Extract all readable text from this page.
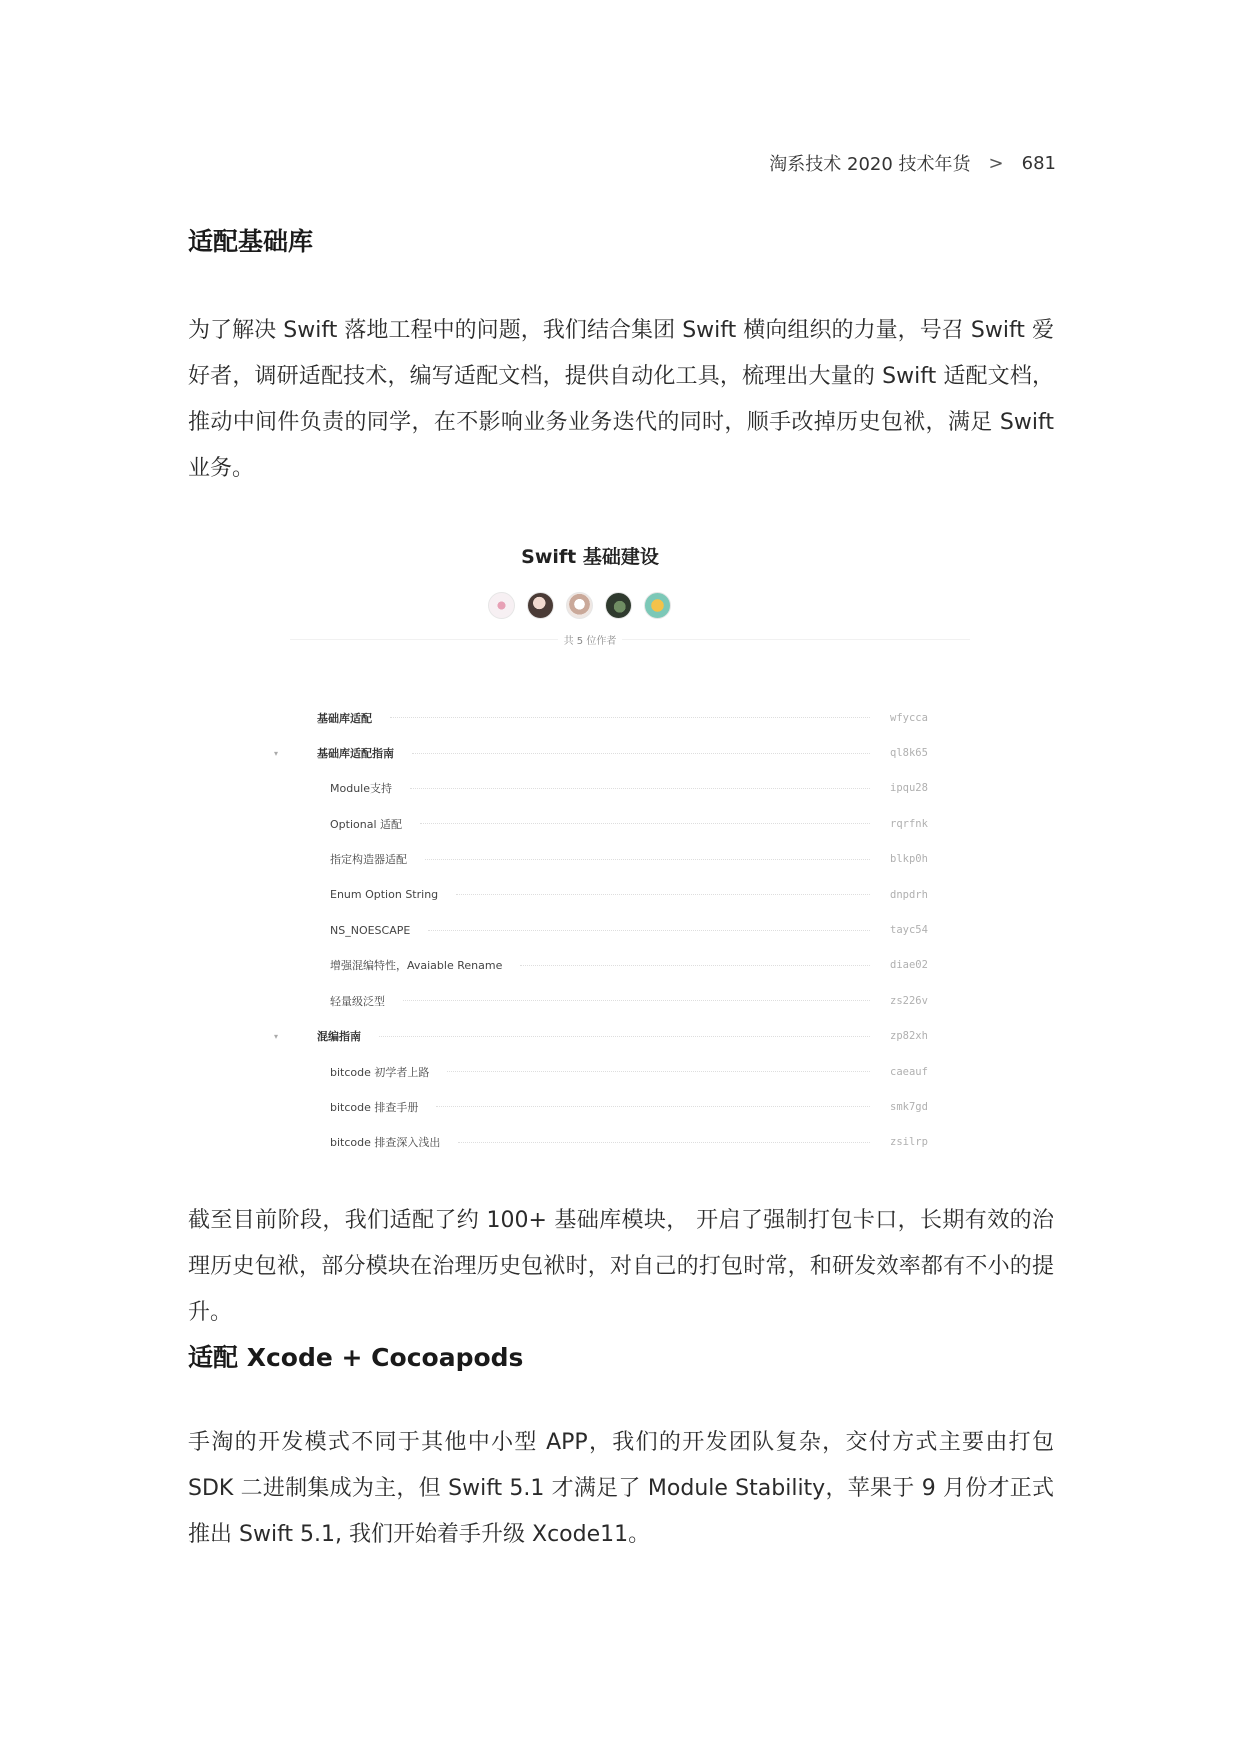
淘系技术 2020 技术年货	>	681
适配基础库

为了解决 Swift 落地工程中的问题，我们结合集团 Swift 横向组织的力量，号召 Swift 爱好者，调研适配技术，编写适配文档，提供自动化工具，梳理出大量的 Swift 适配文档，推动中间件负责的同学，在不影响业务业务迭代的同时，顺手改掉历史包袱，满足 Swift 业务。

Swift 基础建设
共 5 位作者
基础库适配	wfycca
▾	基础库适配指南	ql8k65
Module支持	ipqu28
Optional 适配	rqrfnk
指定构造器适配	blkp0h
Enum Option String	dnpdrh
NS_NOESCAPE	tayc54
增强混编特性，Avaiable Rename	diae02
轻量级泛型	zs226v
▾	混编指南	zp82xh
bitcode 初学者上路	caeauf
bitcode 排查手册	smk7gd
bitcode 排查深入浅出	zsilrp

截至目前阶段，我们适配了约 100+ 基础库模块， 开启了强制打包卡口，长期有效的治理历史包袱，部分模块在治理历史包袱时，对自己的打包时常，和研发效率都有不小的提升。

适配 Xcode + Cocoapods

手淘的开发模式不同于其他中小型 APP，我们的开发团队复杂，交付方式主要由打包 SDK 二进制集成为主，但 Swift 5.1 才满足了 Module Stability，苹果于 9 月份才正式推出 Swift 5.1, 我们开始着手升级 Xcode11。
